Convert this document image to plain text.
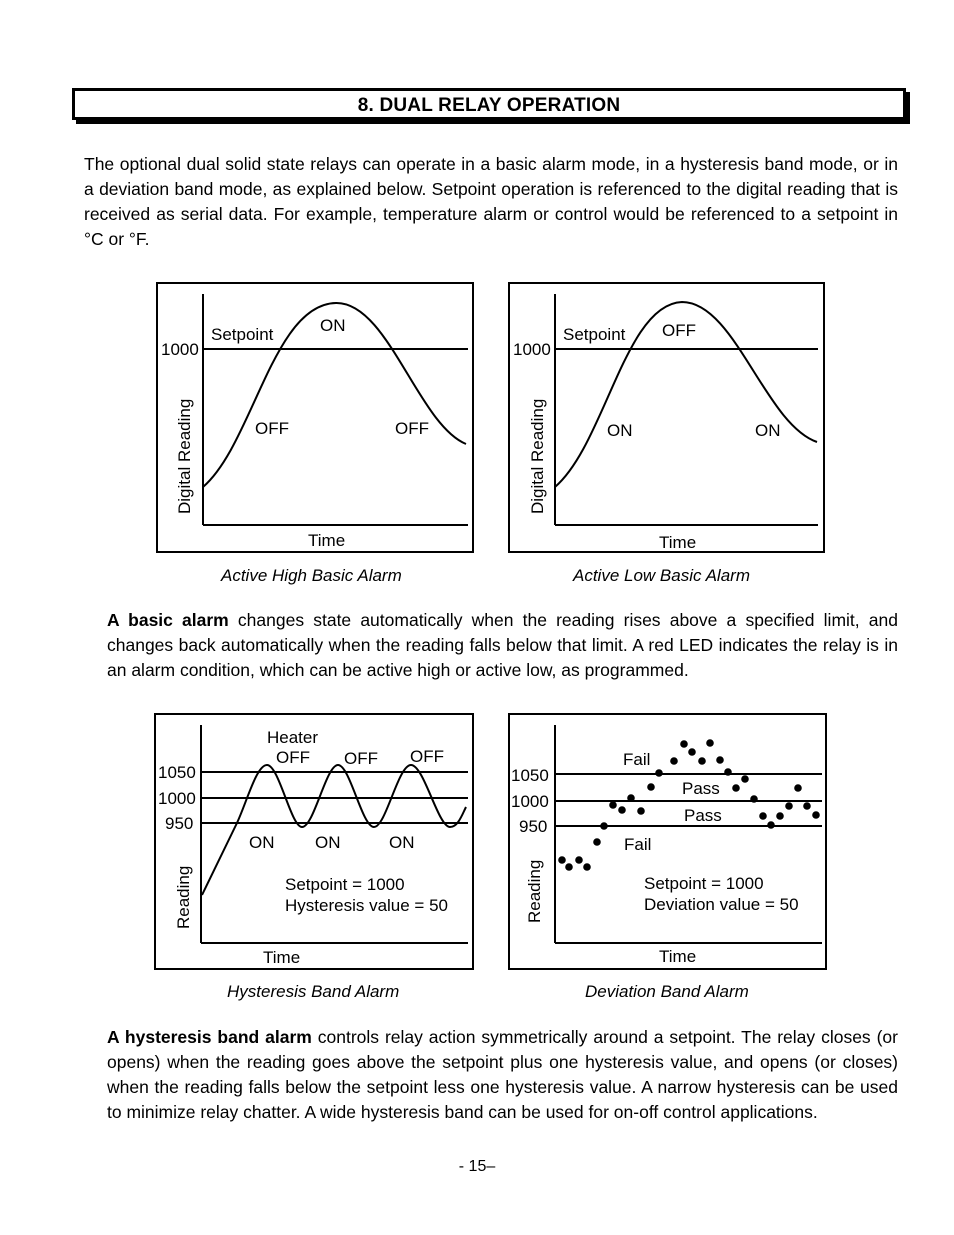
8. DUAL RELAY OPERATION
The optional dual solid state relays can operate in a basic alarm mode, in a hysteresis band mode, or in a deviation band mode, as explained below. Setpoint operation is referenced to the digital reading that is received as serial data. For example, temperature alarm or control would be referenced to a setpoint in °C or °F.
1000
Setpoint	ON
OFF	OFF
Digital Reading
Time
Active High Basic Alarm
1000
Setpoint OFF
ON	ON
Digital Reading
Time
Active Low Basic Alarm
A basic alarm changes state automatically when the reading rises above a specified limit, and changes back automatically when the reading falls below that limit. A red LED indicates the relay is in an alarm condition, which can be active high or active low, as programmed.
1050
1000
950
Heater
OFF OFF OFF
ON ON	ON
Setpoint = 1000
Hysteresis value = 50
Reading
Time
Hysteresis Band Alarm
1050
1000
950
Fail
Pass
Pass
Fail
Setpoint = 1000
Deviation value = 50
Reading
Time
Deviation Band Alarm
A hysteresis band alarm controls relay action symmetrically around a setpoint. The relay closes (or opens) when the reading goes above the setpoint plus one hysteresis value, and opens (or closes) when the reading falls below the setpoint less one hysteresis value. A narrow hysteresis can be used to minimize relay chatter. A wide hysteresis band can be used for on-off control applications.
- 15–
